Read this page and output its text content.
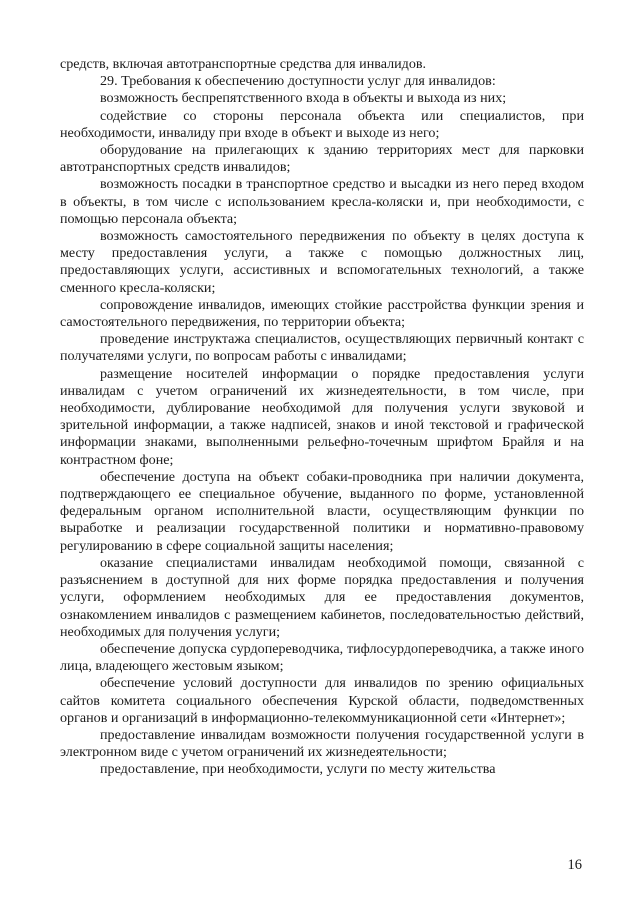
средств, включая автотранспортные средства для инвалидов.

29. Требования к обеспечению доступности услуг для инвалидов:

возможность беспрепятственного входа в объекты и выхода из них;

содействие со стороны персонала объекта или специалистов, при необходимости, инвалиду при входе в объект и выходе из него;

оборудование на прилегающих к зданию территориях мест для парковки автотранспортных средств инвалидов;

возможность посадки в транспортное средство и высадки из него перед входом в объекты, в том числе с использованием кресла-коляски и, при необходимости, с помощью персонала объекта;

возможность самостоятельного передвижения по объекту в целях доступа к месту предоставления услуги, а также с помощью должностных лиц, предоставляющих услуги, ассистивных и вспомогательных технологий, а также сменного кресла-коляски;

сопровождение инвалидов, имеющих стойкие расстройства функции зрения и самостоятельного передвижения, по территории объекта;

проведение инструктажа специалистов, осуществляющих первичный контакт с получателями услуги, по вопросам работы с инвалидами;

размещение носителей информации о порядке предоставления услуги инвалидам с учетом ограничений их жизнедеятельности, в том числе, при необходимости, дублирование необходимой для получения услуги звуковой и зрительной информации, а также надписей, знаков и иной текстовой и графической информации знаками, выполненными рельефно-точечным шрифтом Брайля и на контрастном фоне;

обеспечение доступа на объект собаки-проводника при наличии документа, подтверждающего ее специальное обучение, выданного по форме, установленной федеральным органом исполнительной власти, осуществляющим функции по выработке и реализации государственной политики и нормативно-правовому регулированию в сфере социальной защиты населения;

оказание специалистами инвалидам необходимой помощи, связанной с разъяснением в доступной для них форме порядка предоставления и получения услуги, оформлением необходимых для ее предоставления документов, ознакомлением инвалидов с размещением кабинетов, последовательностью действий, необходимых для получения услуги;

обеспечение допуска сурдопереводчика, тифлосурдопереводчика, а также иного лица, владеющего жестовым языком;

обеспечение условий доступности для инвалидов по зрению официальных сайтов комитета социального обеспечения Курской области, подведомственных органов и организаций в информационно-телекоммуникационной сети «Интернет»;

предоставление инвалидам возможности получения государственной услуги в электронном виде с учетом ограничений их жизнедеятельности;

предоставление, при необходимости, услуги по месту жительства

16
